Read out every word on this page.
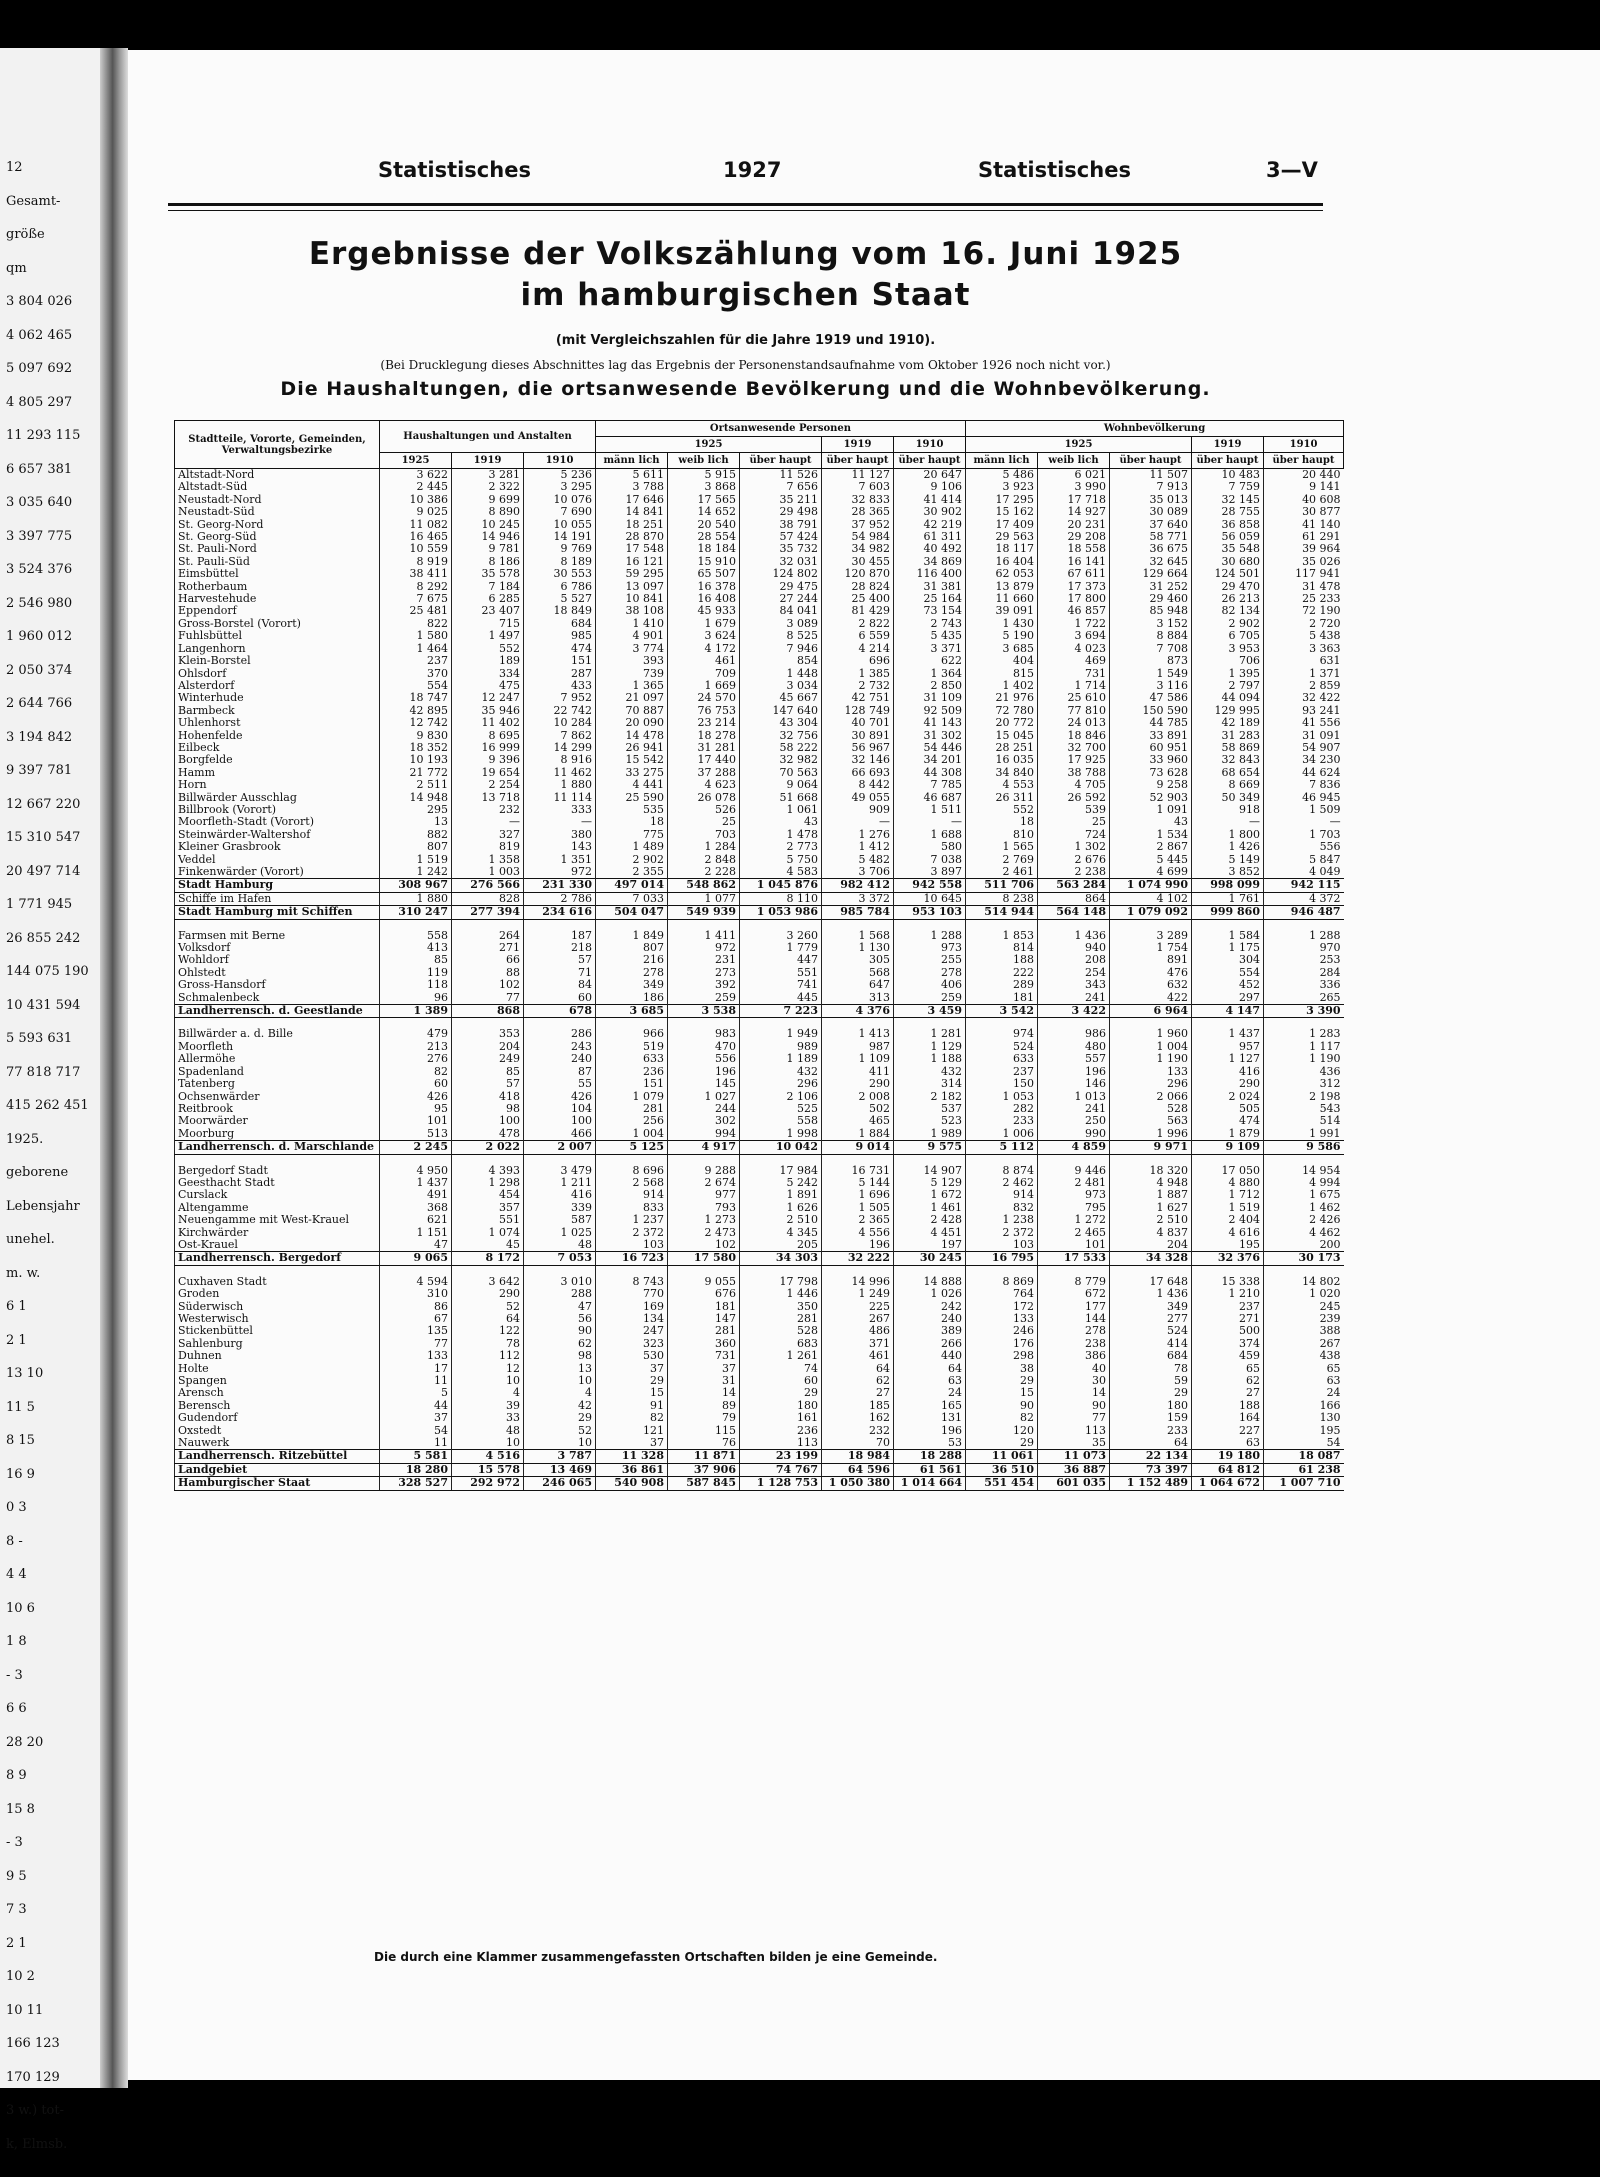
12
Gesamt-
größe
qm
3 804 026
4 062 465
5 097 692
4 805 297
11 293 115
6 657 381
3 035 640
3 397 775
3 524 376
2 546 980
1 960 012
2 050 374
2 644 766
3 194 842
9 397 781
12 667 220
15 310 547
20 497 714
1 771 945
26 855 242
144 075 190
10 431 594
5 593 631
77 818 717
415 262 451
1925.
geborene
Lebensjahr
unehel.
m. w.
6 1
2 1
13 10
11 5
8 15
16 9
0 3
8 -
4 4
10 6
1 8
- 3
6 6
28 20
8 9
15 8
- 3
9 5
7 3
2 1
10 2
10 11
166 123
170 129
3 w.) tot-
k, Elmsb.
Statistisches	1927	Statistisches	3—V
Ergebnisse der Volkszählung vom 16. Juni 1925
im hamburgischen Staat
(mit Vergleichszahlen für die Jahre 1919 und 1910).
(Bei Drucklegung dieses Abschnittes lag das Ergebnis der Personenstandsaufnahme vom Oktober 1926 noch nicht vor.)
Die Haushaltungen, die ortsanwesende Bevölkerung und die Wohnbevölkerung.
Stadtteile, Vororte, Gemeinden, Verwaltungsbezirke	Haushaltungen und Anstalten			Ortsanwesende Personen					Wohnbevölkerung				
				1925			1919	1910	1925			1919	1910
	1925	1919	1910	männ lich	weib lich	über haupt	über haupt	über haupt	männ lich	weib lich	über haupt	über haupt	über haupt
Altstadt-Nord	3 622	3 281	5 236	5 611	5 915	11 526	11 127	20 647	5 486	6 021	11 507	10 483	20 440
Altstadt-Süd	2 445	2 322	3 295	3 788	3 868	7 656	7 603	9 106	3 923	3 990	7 913	7 759	9 141
Neustadt-Nord	10 386	9 699	10 076	17 646	17 565	35 211	32 833	41 414	17 295	17 718	35 013	32 145	40 608
Neustadt-Süd	9 025	8 890	7 690	14 841	14 652	29 498	28 365	30 902	15 162	14 927	30 089	28 755	30 877
St. Georg-Nord	11 082	10 245	10 055	18 251	20 540	38 791	37 952	42 219	17 409	20 231	37 640	36 858	41 140
St. Georg-Süd	16 465	14 946	14 191	28 870	28 554	57 424	54 984	61 311	29 563	29 208	58 771	56 059	61 291
St. Pauli-Nord	10 559	9 781	9 769	17 548	18 184	35 732	34 982	40 492	18 117	18 558	36 675	35 548	39 964
St. Pauli-Süd	8 919	8 186	8 189	16 121	15 910	32 031	30 455	34 869	16 404	16 141	32 645	30 680	35 026
Eimsbüttel	38 411	35 578	30 553	59 295	65 507	124 802	120 870	116 400	62 053	67 611	129 664	124 501	117 941
Rotherbaum	8 292	7 184	6 786	13 097	16 378	29 475	28 824	31 381	13 879	17 373	31 252	29 470	31 478
Harvestehude	7 675	6 285	5 527	10 841	16 408	27 244	25 400	25 164	11 660	17 800	29 460	26 213	25 233
Eppendorf	25 481	23 407	18 849	38 108	45 933	84 041	81 429	73 154	39 091	46 857	85 948	82 134	72 190
Gross-Borstel (Vorort)	822	715	684	1 410	1 679	3 089	2 822	2 743	1 430	1 722	3 152	2 902	2 720
Fuhlsbüttel	1 580	1 497	985	4 901	3 624	8 525	6 559	5 435	5 190	3 694	8 884	6 705	5 438
Langenhorn	1 464	552	474	3 774	4 172	7 946	4 214	3 371	3 685	4 023	7 708	3 953	3 363
Klein-Borstel	237	189	151	393	461	854	696	622	404	469	873	706	631
Ohlsdorf	370	334	287	739	709	1 448	1 385	1 364	815	731	1 549	1 395	1 371
Alsterdorf	554	475	433	1 365	1 669	3 034	2 732	2 850	1 402	1 714	3 116	2 797	2 859
Winterhude	18 747	12 247	7 952	21 097	24 570	45 667	42 751	31 109	21 976	25 610	47 586	44 094	32 422
Barmbeck	42 895	35 946	22 742	70 887	76 753	147 640	128 749	92 509	72 780	77 810	150 590	129 995	93 241
Uhlenhorst	12 742	11 402	10 284	20 090	23 214	43 304	40 701	41 143	20 772	24 013	44 785	42 189	41 556
Hohenfelde	9 830	8 695	7 862	14 478	18 278	32 756	30 891	31 302	15 045	18 846	33 891	31 283	31 091
Eilbeck	18 352	16 999	14 299	26 941	31 281	58 222	56 967	54 446	28 251	32 700	60 951	58 869	54 907
Borgfelde	10 193	9 396	8 916	15 542	17 440	32 982	32 146	34 201	16 035	17 925	33 960	32 843	34 230
Hamm	21 772	19 654	11 462	33 275	37 288	70 563	66 693	44 308	34 840	38 788	73 628	68 654	44 624
Horn	2 511	2 254	1 880	4 441	4 623	9 064	8 442	7 785	4 553	4 705	9 258	8 669	7 836
Billwärder Ausschlag	14 948	13 718	11 114	25 590	26 078	51 668	49 055	46 687	26 311	26 592	52 903	50 349	46 945
Billbrook (Vorort)	295	232	333	535	526	1 061	909	1 511	552	539	1 091	918	1 509
Moorfleth-Stadt (Vorort)	13	—	—	18	25	43	—	—	18	25	43	—	—
Steinwärder-Waltershof	882	327	380	775	703	1 478	1 276	1 688	810	724	1 534	1 800	1 703
Kleiner Grasbrook	807	819	143	1 489	1 284	2 773	1 412	580	1 565	1 302	2 867	1 426	556
Veddel	1 519	1 358	1 351	2 902	2 848	5 750	5 482	7 038	2 769	2 676	5 445	5 149	5 847
Finkenwärder (Vorort)	1 242	1 003	972	2 355	2 228	4 583	3 706	3 897	2 461	2 238	4 699	3 852	4 049
Stadt Hamburg	308 967	276 566	231 330	497 014	548 862	1 045 876	982 412	942 558	511 706	563 284	1 074 990	998 099	942 115
Schiffe im Hafen	1 880	828	2 786	7 033	1 077	8 110	3 372	10 645	8 238	864	4 102	1 761	4 372
Stadt Hamburg mit Schiffen	310 247	277 394	234 616	504 047	549 939	1 053 986	985 784	953 103	514 944	564 148	1 079 092	999 860	946 487

Farmsen mit Berne	558	264	187	1 849	1 411	3 260	1 568	1 288	1 853	1 436	3 289	1 584	1 288
Volksdorf	413	271	218	807	972	1 779	1 130	973	814	940	1 754	1 175	970
Wohldorf	85	66	57	216	231	447	305	255	188	208	891	304	253
Ohlstedt	119	88	71	278	273	551	568	278	222	254	476	554	284
Gross-Hansdorf	118	102	84	349	392	741	647	406	289	343	632	452	336
Schmalenbeck	96	77	60	186	259	445	313	259	181	241	422	297	265
Landherrensch. d. Geestlande	1 389	868	678	3 685	3 538	7 223	4 376	3 459	3 542	3 422	6 964	4 147	3 390

Billwärder a. d. Bille	479	353	286	966	983	1 949	1 413	1 281	974	986	1 960	1 437	1 283
Moorfleth	213	204	243	519	470	989	987	1 129	524	480	1 004	957	1 117
Allermöhe	276	249	240	633	556	1 189	1 109	1 188	633	557	1 190	1 127	1 190
Spadenland	82	85	87	236	196	432	411	432	237	196	133	416	436
Tatenberg	60	57	55	151	145	296	290	314	150	146	296	290	312
Ochsenwärder	426	418	426	1 079	1 027	2 106	2 008	2 182	1 053	1 013	2 066	2 024	2 198
Reitbrook	95	98	104	281	244	525	502	537	282	241	528	505	543
Moorwärder	101	100	100	256	302	558	465	523	233	250	563	474	514
Moorburg	513	478	466	1 004	994	1 998	1 884	1 989	1 006	990	1 996	1 879	1 991
Landherrensch. d. Marschlande	2 245	2 022	2 007	5 125	4 917	10 042	9 014	9 575	5 112	4 859	9 971	9 109	9 586

Bergedorf Stadt	4 950	4 393	3 479	8 696	9 288	17 984	16 731	14 907	8 874	9 446	18 320	17 050	14 954
Geesthacht Stadt	1 437	1 298	1 211	2 568	2 674	5 242	5 144	5 129	2 462	2 481	4 948	4 880	4 994
Curslack	491	454	416	914	977	1 891	1 696	1 672	914	973	1 887	1 712	1 675
Altengamme	368	357	339	833	793	1 626	1 505	1 461	832	795	1 627	1 519	1 462
Neuengamme mit West-Krauel	621	551	587	1 237	1 273	2 510	2 365	2 428	1 238	1 272	2 510	2 404	2 426
Kirchwärder	1 151	1 074	1 025	2 372	2 473	4 345	4 556	4 451	2 372	2 465	4 837	4 616	4 462
Ost-Krauel	47	45	48	103	102	205	196	197	103	101	204	195	200
Landherrensch. Bergedorf	9 065	8 172	7 053	16 723	17 580	34 303	32 222	30 245	16 795	17 533	34 328	32 376	30 173

Cuxhaven Stadt	4 594	3 642	3 010	8 743	9 055	17 798	14 996	14 888	8 869	8 779	17 648	15 338	14 802
Groden	310	290	288	770	676	1 446	1 249	1 026	764	672	1 436	1 210	1 020
Süderwisch	86	52	47	169	181	350	225	242	172	177	349	237	245
Westerwisch	67	64	56	134	147	281	267	240	133	144	277	271	239
Stickenbüttel	135	122	90	247	281	528	486	389	246	278	524	500	388
Sahlenburg	77	78	62	323	360	683	371	266	176	238	414	374	267
Duhnen	133	112	98	530	731	1 261	461	440	298	386	684	459	438
Holte	17	12	13	37	37	74	64	64	38	40	78	65	65
Spangen	11	10	10	29	31	60	62	63	29	30	59	62	63
Arensch	5	4	4	15	14	29	27	24	15	14	29	27	24
Berensch	44	39	42	91	89	180	185	165	90	90	180	188	166
Gudendorf	37	33	29	82	79	161	162	131	82	77	159	164	130
Oxstedt	54	48	52	121	115	236	232	196	120	113	233	227	195
Nauwerk	11	10	10	37	76	113	70	53	29	35	64	63	54
Landherrensch. Ritzebüttel	5 581	4 516	3 787	11 328	11 871	23 199	18 984	18 288	11 061	11 073	22 134	19 180	18 087
Landgebiet	18 280	15 578	13 469	36 861	37 906	74 767	64 596	61 561	36 510	36 887	73 397	64 812	61 238
Hamburgischer Staat	328 527	292 972	246 065	540 908	587 845	1 128 753	1 050 380	1 014 664	551 454	601 035	1 152 489	1 064 672	1 007 710
Die durch eine Klammer zusammengefassten Ortschaften bilden je eine Gemeinde.
